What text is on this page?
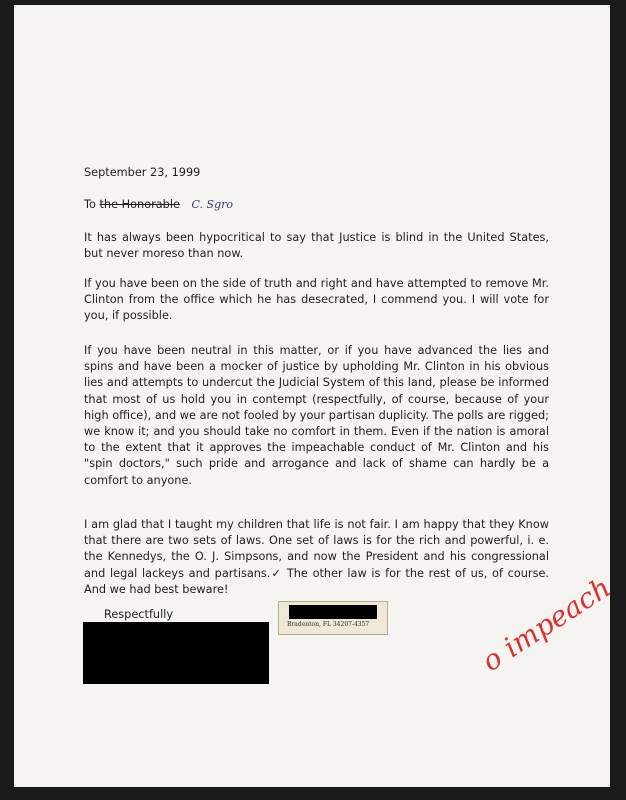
September 23, 1999
To the Honorable C. Sgro

It has always been hypocritical to say that Justice is blind in the United States, but never moreso than now.

If you have been on the side of truth and right and have attempted to remove Mr. Clinton from the office which he has desecrated, I commend you. I will vote for you, if possible.

If you have been neutral in this matter, or if you have advanced the lies and spins and have been a mocker of justice by upholding Mr. Clinton in his obvious lies and attempts to undercut the Judicial System of this land, please be informed that most of us hold you in contempt (respectfully, of course, because of your high office), and we are not fooled by your partisan duplicity. The polls are rigged; we know it; and you should take no comfort in them. Even if the nation is amoral to the extent that it approves the impeachable conduct of Mr. Clinton and his "spin doctors," such pride and arrogance and lack of shame can hardly be a comfort to anyone.

I am glad that I taught my children that life is not fair. I am happy that they Know that there are two sets of laws. One set of laws is for the rich and powerful, i. e. the Kennedys, the O. J. Simpsons, and now the President and his congressional and legal lackeys and partisans.✓ The other law is for the rest of us, of course. And we had best beware!

Respectfully
Bradenton, FL 34207-4357	o impeach
